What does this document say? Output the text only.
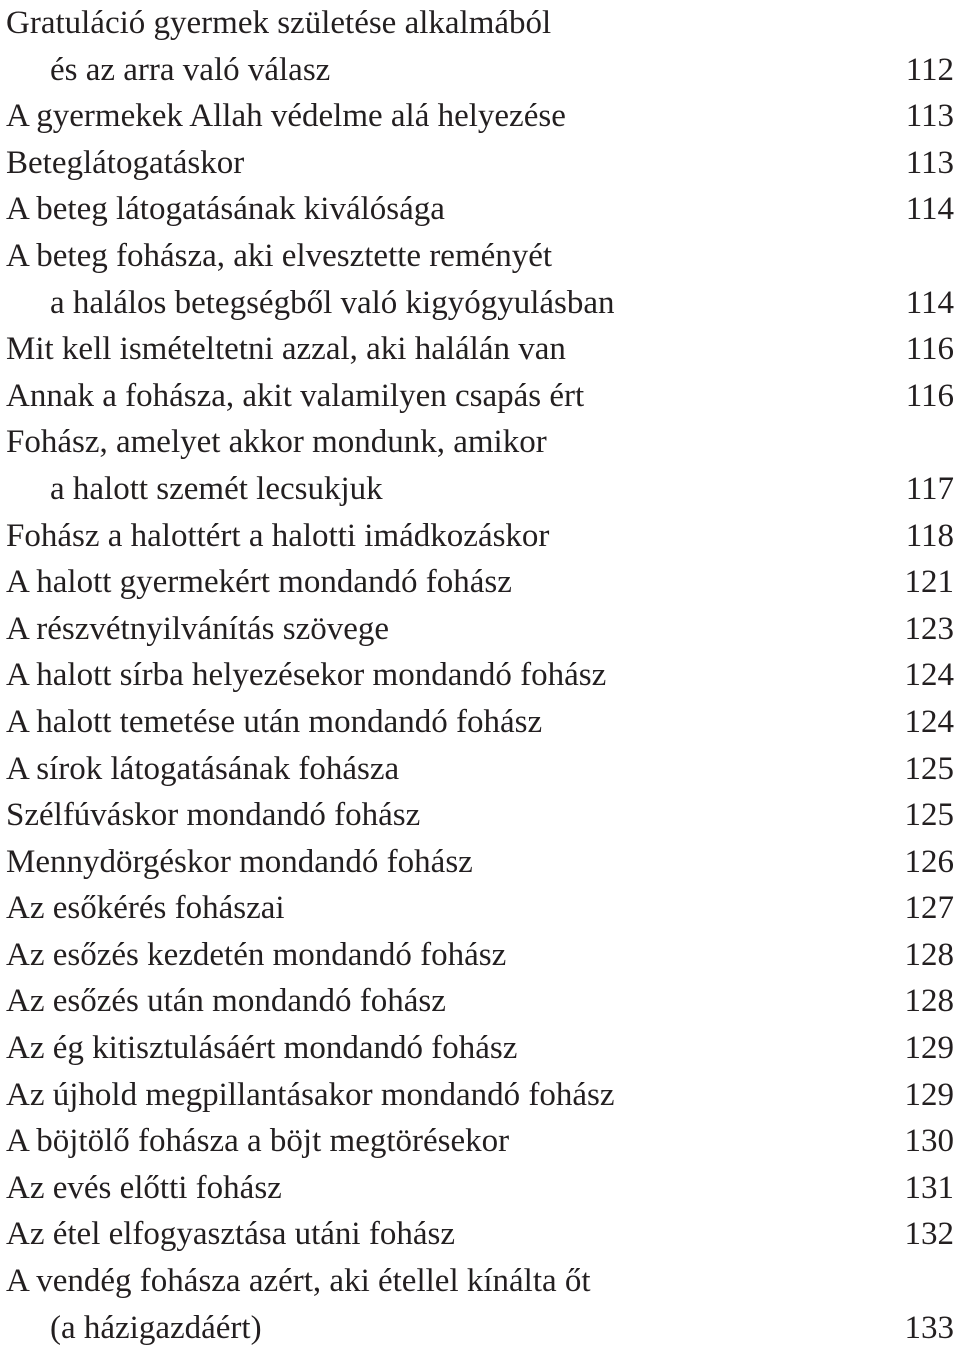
Gratuláció gyermek születése alkalmából
és az arra való válasz	112
A gyermekek Allah védelme alá helyezése	113
Beteglátogatáskor	113
A beteg látogatásának kiválósága	114
A beteg fohásza, aki elvesztette reményét
a halálos betegségből való kigyógyulásban	114
Mit kell ismételtetni azzal, aki halálán van	116
Annak a fohásza, akit valamilyen csapás ért	116
Fohász, amelyet akkor mondunk, amikor
a halott szemét lecsukjuk	117
Fohász a halottért a halotti imádkozáskor	118
A halott gyermekért mondandó fohász	121
A részvétnyilvánítás szövege	123
A halott sírba helyezésekor mondandó fohász	124
A halott temetése után mondandó fohász	124
A sírok látogatásának fohásza	125
Szélfúváskor mondandó fohász	125
Mennydörgéskor mondandó fohász	126
Az esőkérés fohászai	127
Az esőzés kezdetén mondandó fohász	128
Az esőzés után mondandó fohász	128
Az ég kitisztulásáért mondandó fohász	129
Az újhold megpillantásakor mondandó fohász	129
A böjtölő fohásza a böjt megtörésekor	130
Az evés előtti fohász	131
Az étel elfogyasztása utáni fohász	132
A vendég fohásza azért, aki étellel kínálta őt
(a házigazdáért)	133
